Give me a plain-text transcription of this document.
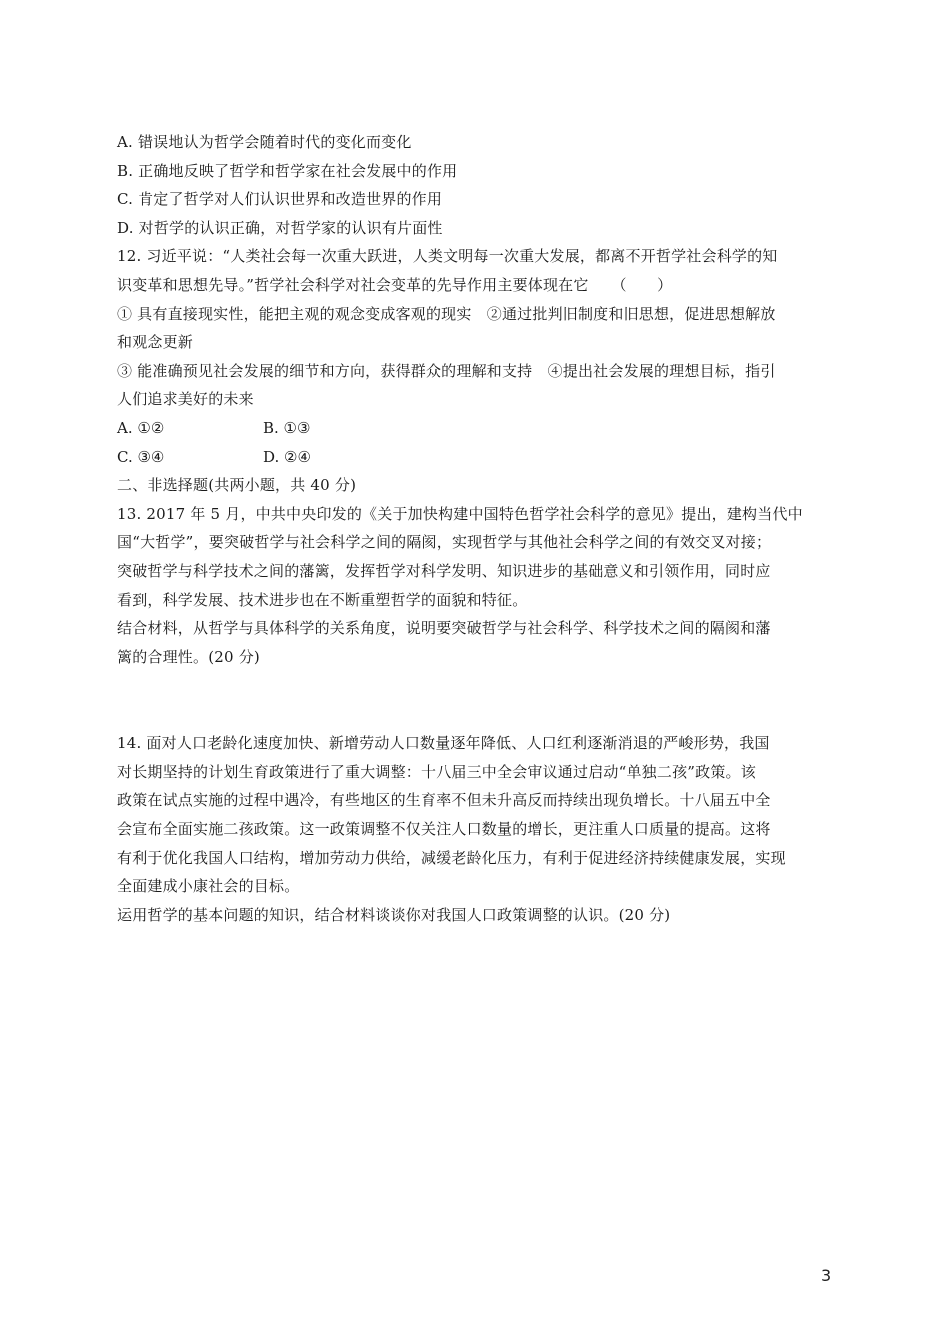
A. 错误地认为哲学会随着时代的变化而变化
B. 正确地反映了哲学和哲学家在社会发展中的作用
C. 肯定了哲学对人们认识世界和改造世界的作用
D. 对哲学的认识正确，对哲学家的认识有片面性
12. 习近平说：“人类社会每一次重大跃进，人类文明每一次重大发展，都离不开哲学社会科学的知
识变革和思想先导。”哲学社会科学对社会变革的先导作用主要体现在它　　（　　）
① 具有直接现实性，能把主观的观念变成客观的现实　②通过批判旧制度和旧思想，促进思想解放
和观念更新
③ 能准确预见社会发展的细节和方向，获得群众的理解和支持　④提出社会发展的理想目标，指引
人们追求美好的未来
A. ①②	B. ①③
C. ③④	D. ②④
二、非选择题(共两小题，共 40 分)
13. 2017 年 5 月，中共中央印发的《关于加快构建中国特色哲学社会科学的意见》提出，建构当代中
国“大哲学”，要突破哲学与社会科学之间的隔阂，实现哲学与其他社会科学之间的有效交叉对接；
突破哲学与科学技术之间的藩篱，发挥哲学对科学发明、知识进步的基础意义和引领作用，同时应
看到，科学发展、技术进步也在不断重塑哲学的面貌和特征。
结合材料，从哲学与具体科学的关系角度，说明要突破哲学与社会科学、科学技术之间的隔阂和藩
篱的合理性。(20 分)
14. 面对人口老龄化速度加快、新增劳动人口数量逐年降低、人口红利逐渐消退的严峻形势，我国
对长期坚持的计划生育政策进行了重大调整：十八届三中全会审议通过启动“单独二孩”政策。该
政策在试点实施的过程中遇冷，有些地区的生育率不但未升高反而持续出现负增长。十八届五中全
会宣布全面实施二孩政策。这一政策调整不仅关注人口数量的增长，更注重人口质量的提高。这将
有利于优化我国人口结构，增加劳动力供给，减缓老龄化压力，有利于促进经济持续健康发展，实现
全面建成小康社会的目标。
运用哲学的基本问题的知识，结合材料谈谈你对我国人口政策调整的认识。(20 分)
3
